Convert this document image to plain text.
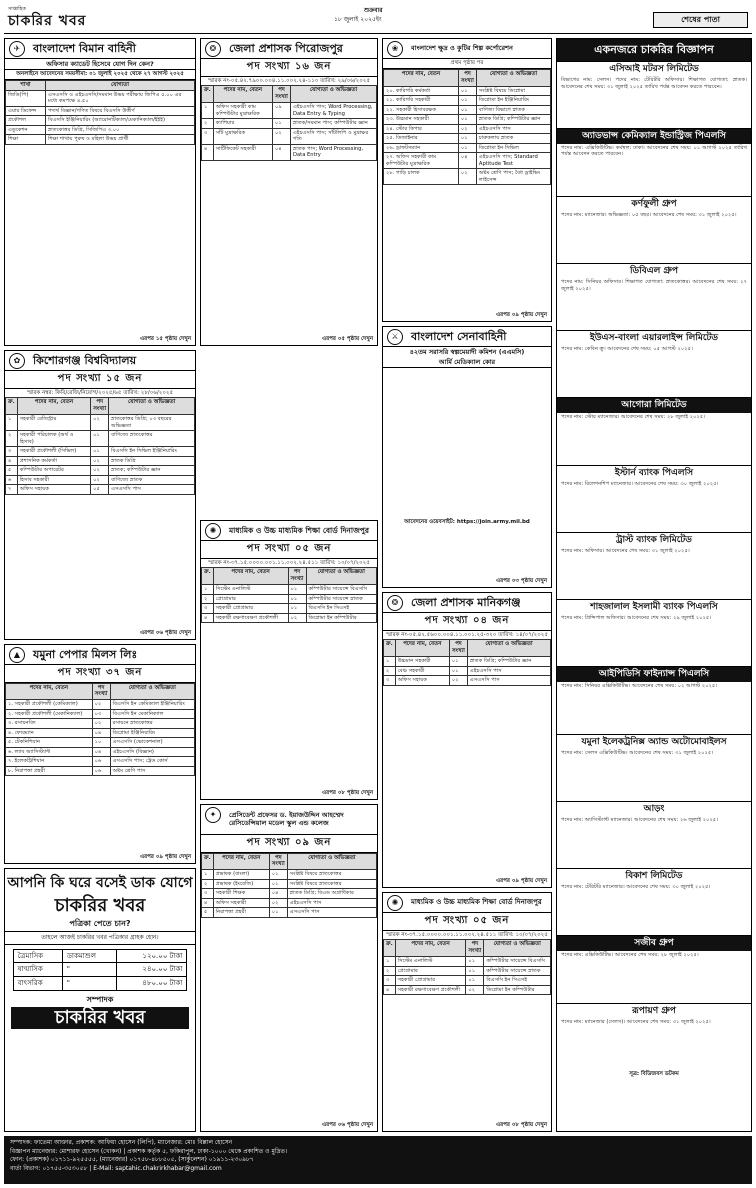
সাপ্তাহিক
চাকরির খবর
শুক্রবার
১৮ জুলাই ২০২৫ইং	শেষের পাতা
✈	বাংলাদেশ বিমান বাহিনী
অফিসার ক্যাডেট হিসেবে যোগ দিন কেন?
অনলাইনে আবেদনের সময়সীমা: ০১ জুলাই ২০২৫ থেকে ২৭ আগস্ট ২০২৫
শাখা	যোগ্যতা
জিডি(পি)	এসএসসি ও এইচএসসি/সমমান উভয় পরীক্ষায় জিপিএ ৫.০০ এর মধ্যে কমপক্ষে ৪.৫০
এয়ার ডিফেন্স	পদার্থ বিজ্ঞান/গণিত বিষয়ে বিএসসি উত্তীর্ণ
প্রকৌশল	বিএসসি ইঞ্জিনিয়ারিং (অ্যারোনটিক্যাল/মেকানিক্যাল/ইইই)
এডুকেশন	স্নাতকোত্তর ডিগ্রি, সিজিপিএ ৩.০০
শিক্ষা	শিক্ষা শাখায় পুরুষ ও মহিলা উভয় প্রার্থী
এরপর ১৫ পৃষ্ঠায় দেখুন
✿	কিশোরগঞ্জ বিশ্ববিদ্যালয়
পদ সংখ্যা ১৫ জন
স্মারক নম্বর: কিবি/রেজি/নিয়োগ/২০২৫/৬৫ তারিখ: ২৮/০৬/২০২৫
ক্র.	পদের নাম, বেতন	পদ সংখ্যা	যোগ্যতা ও অভিজ্ঞতা
১	সহকারী রেজিস্ট্রার	০২	স্নাতকোত্তর ডিগ্রি; ০৩ বছরের অভিজ্ঞতা
২	সহকারী পরিচালক (অর্থ ও হিসাব)	০১	বাণিজ্যে স্নাতকোত্তর
৩	সহকারী প্রকৌশলী (সিভিল)	০১	বিএসসি ইন সিভিল ইঞ্জিনিয়ারিং
৪	প্রশাসনিক কর্মকর্তা	০২	স্নাতক ডিগ্রি
৫	কম্পিউটার অপারেটর	০২	স্নাতক; কম্পিউটার জ্ঞান
৬	হিসাব সহকারী	০২	বাণিজ্যে স্নাতক
৭	অফিস সহায়ক	০৫	এসএসসি পাস
এরপর ০৬ পৃষ্ঠায় দেখুন
▲	যমুনা পেপার মিলস লিঃ
পদ সংখ্যা ৩৭ জন
পদের নাম, বেতন	পদ সংখ্যা	যোগ্যতা ও অভিজ্ঞতা
১. সহকারী প্রকৌশলী (কেমিক্যাল)	০২	বিএসসি ইন কেমিক্যাল ইঞ্জিনিয়ারিং
২. সহকারী প্রকৌশলী (মেকানিক্যাল)	০৩	বিএসসি ইন মেকানিক্যাল
৩. রসায়নবিদ	০২	রসায়নে স্নাতকোত্তর
৪. ফোরম্যান	০৪	ডিপ্লোমা ইঞ্জিনিয়ারিং
৫. টেকনিশিয়ান	১০	এসএসসি (ভোকেশনাল)
৬. ল্যাব অ্যাসিস্ট্যান্ট	০৪	এইচএসসি (বিজ্ঞান)
৭. ইলেকট্রিশিয়ান	০৬	এসএসসি পাস; ট্রেড কোর্স
৮. নিরাপত্তা প্রহরী	০৬	অষ্টম শ্রেণি পাস
এরপর ০৯ পৃষ্ঠায় দেখুন
আপনি কি ঘরে বসেই ডাক যোগে
চাকরির খবর
পত্রিকা পেতে চান?
তাহলে আজই চাকরির খবর পত্রিকার গ্রাহক হোন।
ত্রৈমাসিক	ডাকমাশুল	১২০.০০ টাকা
ষাণ্মাসিক	"	২৪০.০০ টাকা
বাৎসরিক	"	৪৮০.০০ টাকা
সম্পাদক
চাকরির খবর
❂	জেলা প্রশাসক পিরোজপুর
পদ সংখ্যা ১৬ জন
স্মারক নং-০৫.৪২.৭৯০০.০০৪.১১.০০২.২৪-১১০ তারিখ: ২৯/০৬/২০২৫
ক্র.	পদের নাম, বেতন	পদ সংখ্যা	যোগ্যতা ও অভিজ্ঞতা
১	অফিস সহকারী কাম কম্পিউটার মুদ্রাক্ষরিক	০৯	এইচএসসি পাস; Word Processing, Data Entry & Typing
২	ক্যাশিয়ার	০১	স্নাতক/সমমান পাস; কম্পিউটার জ্ঞান
৩	সাঁট মুদ্রাক্ষরিক	০২	এইচএসসি পাস; সাঁটলিপি ও মুদ্রাক্ষর গতি
৪	সার্টিফিকেট সহকারী	০৪	স্নাতক পাস; Word Processing, Data Entry
এরপর ০৫ পৃষ্ঠায় দেখুন
✺	মাধ্যমিক ও উচ্চ মাধ্যমিক শিক্ষা বোর্ড দিনাজপুর
পদ সংখ্যা ০৫ জন
স্মারক নং-৩৭.১৫.০০০০.০০১.১১.০০২.২৪.৫১১ তারিখ: ১০/০৭/২০২৫
ক্র.	পদের নাম, বেতন	পদ সংখ্যা	যোগ্যতা ও অভিজ্ঞতা
১	সিস্টেম এনালিস্ট	০১	কম্পিউটার সায়েন্সে বিএসসি
২	প্রোগ্রামার	০১	কম্পিউটার সায়েন্সে স্নাতক
৩	সহকারী প্রোগ্রামার	০১	বিএসসি ইন সিএসই
৪	সহকারী রক্ষণাবেক্ষণ প্রকৌশলী	০২	ডিপ্লোমা ইন কম্পিউটার
এরপর ০৮ পৃষ্ঠায় দেখুন
✦	প্রেসিডেন্ট প্রফেসর ড. ইয়াজউদ্দিন আহম্মেদ রেসিডেন্সিয়াল মডেল স্কুল এন্ড কলেজ
পদ সংখ্যা ০৯ জন
ক্র.	পদের নাম, বেতন	পদ সংখ্যা	যোগ্যতা ও অভিজ্ঞতা
১	প্রভাষক (বাংলা)	০১	সংশ্লিষ্ট বিষয়ে স্নাতকোত্তর
২	প্রভাষক (ইংরেজি)	০১	সংশ্লিষ্ট বিষয়ে স্নাতকোত্তর
৩	সহকারী শিক্ষক	০৪	স্নাতক ডিগ্রি; বিএড অগ্রাধিকার
৪	অফিস সহকারী	০২	এইচএসসি পাস
৫	নিরাপত্তা প্রহরী	০১	এসএসসি পাস
এরপর ০৬ পৃষ্ঠায় দেখুন
❀	বাংলাদেশ ক্ষুদ্র ও কুটির শিল্প কর্পোরেশন
প্রথম পৃষ্ঠার পর
পদের নাম, বেতন	পদ সংখ্যা	যোগ্যতা ও অভিজ্ঞতা
২০. কারিগরি কর্মকর্তা	০১	সংশ্লিষ্ট বিষয়ে ডিপ্লোমা
২১. কারিগরি সহকারী	০১	ডিপ্লোমা ইন ইঞ্জিনিয়ারিং
২২. সহকারী হিসাবরক্ষক	০১	বাণিজ্য বিভাগে স্নাতক
২৩. উচ্চমান সহকারী	০১	স্নাতক ডিগ্রি; কম্পিউটার জ্ঞান
২৪. স্টোর কিপার	০২	এইচএসসি পাস
২৫. ডিজাইনার	০১	চারুকলায় স্নাতক
২৬. ড্রাফটসম্যান	০১	ডিপ্লোমা ইন সিভিল
২৭. অফিস সহকারী কাম কম্পিউটার মুদ্রাক্ষরিক	০৪	এইচএসসি পাস; Standard Aptitude Test
২৮. গাড়ি চালক	০২	অষ্টম শ্রেণি পাস; বৈধ ড্রাইভিং লাইসেন্স
এরপর ০৯ পৃষ্ঠায় দেখুন
⚔	বাংলাদেশ সেনাবাহিনী
৪২তম সরাসরি স্বল্পমেয়াদী কমিশন (এএমসি)
আর্মি মেডিক্যাল কোর
আবেদনের ওয়েবসাইট: https://join.army.mil.bd
এরপর ০৩ পৃষ্ঠায় দেখুন
❂	জেলা প্রশাসক মানিকগঞ্জ
পদ সংখ্যা ০৪ জন
স্মারক নং-০৫.৪২.৫৬০০.০০৪.১১.০০১.২৫-৩২০ তারিখ: ১৪/০৭/২০২৫
ক্র.	পদের নাম, বেতন	পদ সংখ্যা	যোগ্যতা ও অভিজ্ঞতা
১	উচ্চমান সহকারী	০১	স্নাতক ডিগ্রি; কম্পিউটার জ্ঞান
২	বেঞ্চ সহকারী	০১	এইচএসসি পাস
৩	অফিস সহায়ক	০২	এসএসসি পাস
এরপর ০৯ পৃষ্ঠায় দেখুন
✺	মাধ্যমিক ও উচ্চ মাধ্যমিক শিক্ষা বোর্ড দিনাজপুর
পদ সংখ্যা ০৫ জন
স্মারক নং-৩৭.১৫.০০০০.০০১.১১.০০২.২৪.৫১১ তারিখ: ১০/০৭/২০২৫
ক্র.	পদের নাম, বেতন	পদ সংখ্যা	যোগ্যতা ও অভিজ্ঞতা
১	সিস্টেম এনালিস্ট	০১	কম্পিউটার সায়েন্সে বিএসসি
২	প্রোগ্রামার	০১	কম্পিউটার সায়েন্সে স্নাতক
৩	সহকারী প্রোগ্রামার	০১	বিএসসি ইন সিএসই
৪	সহকারী রক্ষণাবেক্ষণ প্রকৌশলী	০২	ডিপ্লোমা ইন কম্পিউটার
এরপর ০৮ পৃষ্ঠায় দেখুন
একনজরে চাকরির বিজ্ঞাপন
এসিআই মটরস লিমিটেড
বিভাগের নাম: সেলস। পদের নাম: টেরিটরি অফিসার। শিক্ষাগত যোগ্যতা: স্নাতক। আবেদনের শেষ সময়: ৩১ জুলাই ২০২৫ তারিখ পর্যন্ত আবেদন করতে পারবেন।
অ্যাডভান্স কেমিক্যাল ইন্ডাস্ট্রিজ পিএলসি
পদের নাম: এক্সিকিউটিভ। কর্মস্থল: ঢাকা। আবেদনের শেষ সময়: ০১ আগস্ট ২০২৫ তারিখ পর্যন্ত আবেদন করতে পারবেন।
কর্ণফুলী গ্রুপ
পদের নাম: ম্যানেজার। অভিজ্ঞতা: ০৫ বছর। আবেদনের শেষ সময়: ৩১ জুলাই ২০২৫।
ডিবিএল গ্রুপ
পদের নাম: সিনিয়র অফিসার। শিক্ষাগত যোগ্যতা: স্নাতকোত্তর। আবেদনের শেষ সময়: ২৭ জুলাই ২০২৫।
ইউএস-বাংলা এয়ারলাইন্স লিমিটেড
পদের নাম: কেবিন ক্রু। আবেদনের শেষ সময়: ০৫ আগস্ট ২০২৫।
আগোরা লিমিটেড
পদের নাম: স্টোর ম্যানেজার। আবেদনের শেষ সময়: ২৮ জুলাই ২০২৫।
ইস্টার্ন ব্যাংক পিএলসি
পদের নাম: রিলেশনশিপ ম্যানেজার। আবেদনের শেষ সময়: ৩০ জুলাই ২০২৫।
ট্রাস্ট ব্যাংক লিমিটেড
পদের নাম: অফিসার। আবেদনের শেষ সময়: ৩১ জুলাই ২০২৫।
শাহজালাল ইসলামী ব্যাংক পিএলসি
পদের নাম: প্রিন্সিপাল অফিসার। আবেদনের শেষ সময়: ২৯ জুলাই ২০২৫।
আইপিডিসি ফাইন্যান্স পিএলসি
পদের নাম: সিনিয়র এক্সিকিউটিভ। আবেদনের শেষ সময়: ০২ আগস্ট ২০২৫।
যমুনা ইলেকট্রনিক্স অ্যান্ড অটোমোবাইলস
পদের নাম: সেলস এক্সিকিউটিভ। আবেদনের শেষ সময়: ৩১ জুলাই ২০২৫।
আড়ং
পদের নাম: অ্যাসিস্ট্যান্ট ম্যানেজার। আবেদনের শেষ সময়: ২৬ জুলাই ২০২৫।
বিকাশ লিমিটেড
পদের নাম: টেরিটরি ম্যানেজার। আবেদনের শেষ সময়: ৩০ জুলাই ২০২৫।
সজীব গ্রুপ
পদের নাম: এক্সিকিউটিভ। আবেদনের শেষ সময়: ২৮ জুলাই ২০২৫।
রূপায়ণ গ্রুপ
পদের নাম: ম্যানেজার (সেলস)। আবেদনের শেষ সময়: ৩১ জুলাই ২০২৫।
সূত্র: বিডিজবস ডটকম
সম্পাদক: ফাতেমা আক্তার, প্রকাশক: আফিয়া হোসেন (লিপি), ম্যানেজার: মোঃ বিল্লাল হোসেন
বিজ্ঞাপন ম্যানেজার: মোশারফ হোসেন (খোকন) | প্রকাশক কর্তৃক ৫, ফকিরাপুল, ঢাকা-১০০০ থেকে প্রকাশিত ও মুদ্রিত।
ফোন: (প্রকাশক) ০১৭১১-৯২৫৫৫৫, (ম্যানেজার) ০১৭৫৮-৪৮৮৫০৫, (সার্কুলেশন) ০১৯১১-২৩০৯৮৭
বার্তা বিভাগ: ০১৭৫৫-৩৫৩০৫৮ | E-Mail: saptahic.chakrirkhabar@gmail.com
